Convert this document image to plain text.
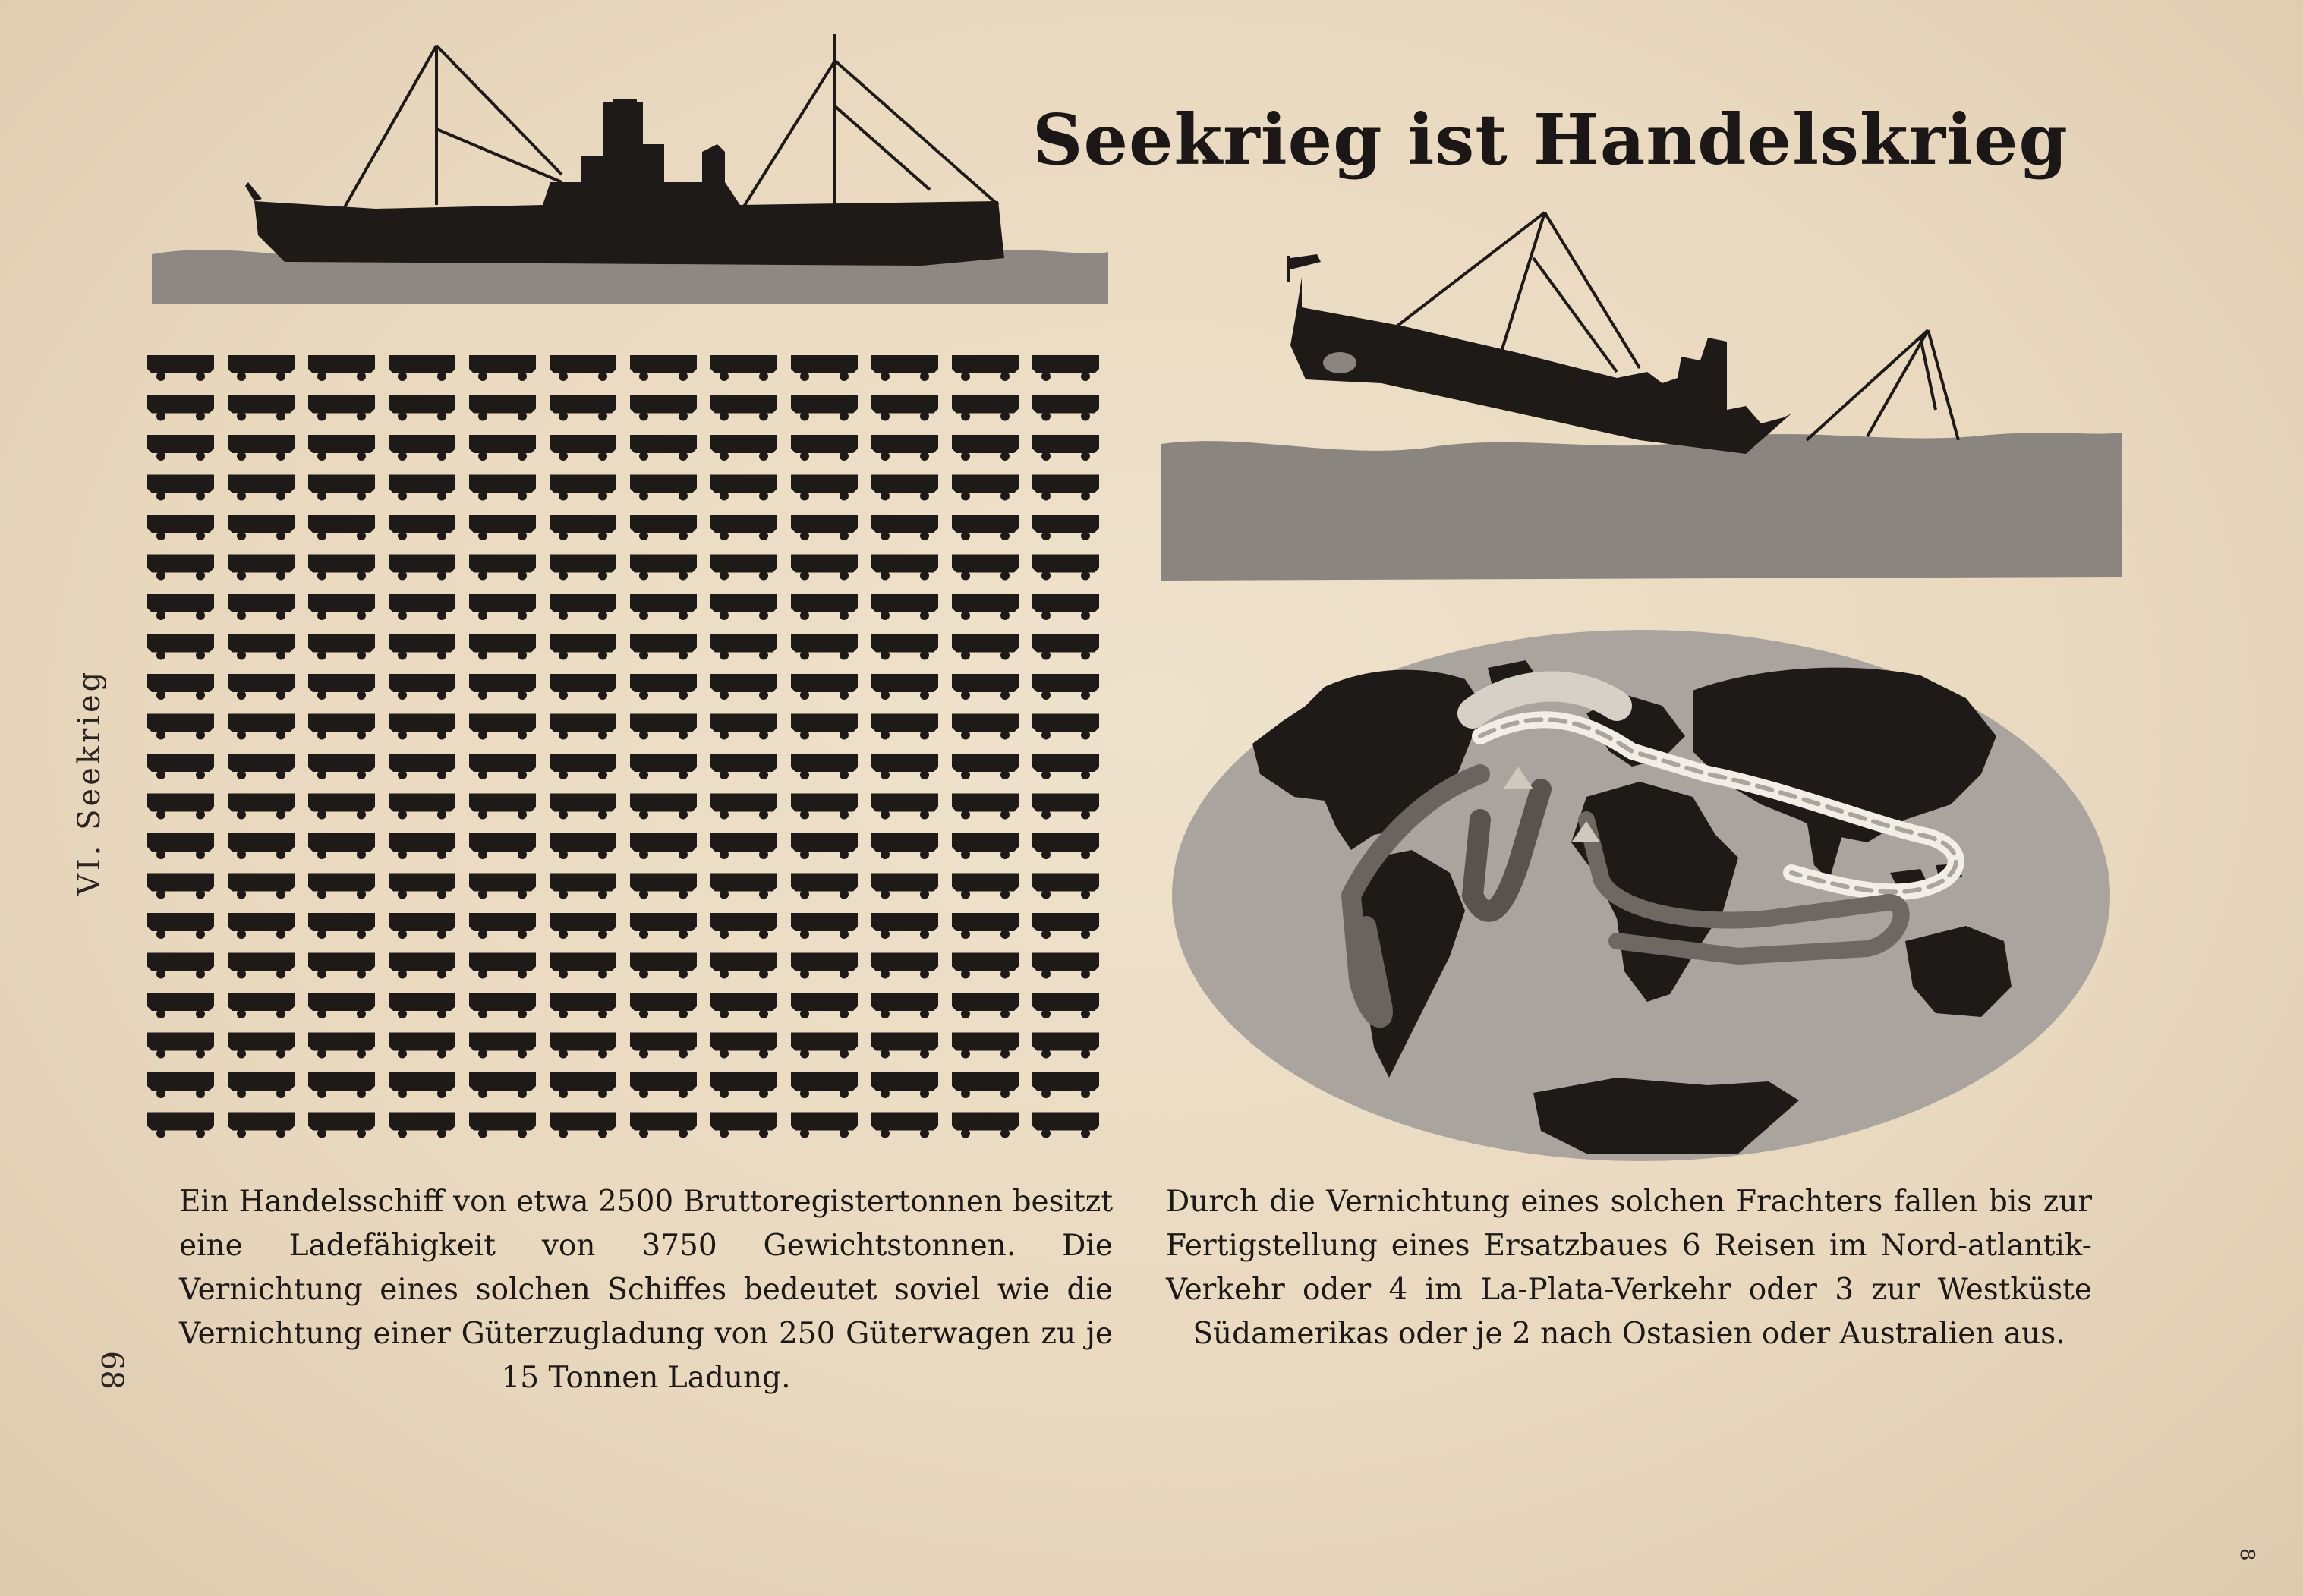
Seekrieg ist Handelskrieg
VI. Seekrieg
68
8
Ein Handelsschiff von etwa 2500 Bruttoregistertonnen besitzt eine Ladefähigkeit von 3750 Gewichtstonnen. Die Vernichtung eines solchen Schiffes bedeutet soviel wie die Vernichtung einer Güterzugladung von 250 Güterwagen zu je 15 Tonnen Ladung.
Durch die Vernichtung eines solchen Frachters fallen bis zur Fertigstellung eines Ersatzbaues 6 Reisen im Nord-atlantik-Verkehr oder 4 im La-Plata-Verkehr oder 3 zur Westküste Südamerikas oder je 2 nach Ostasien oder Australien aus.
